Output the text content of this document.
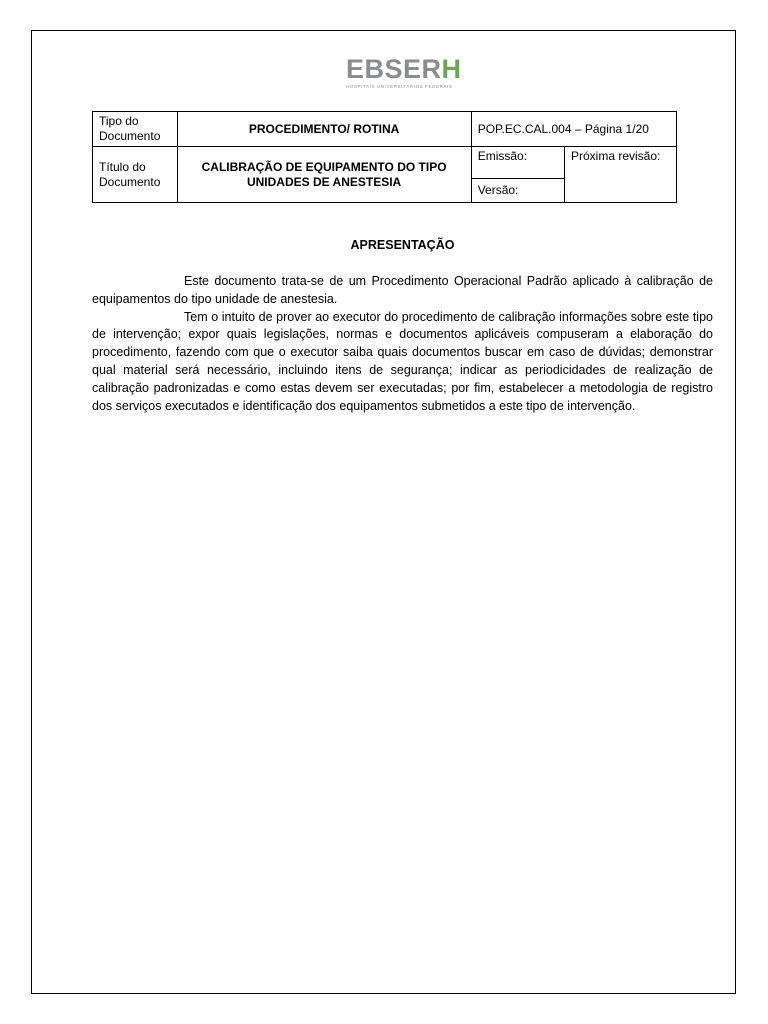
EBSERH
HOSPITAIS UNIVERSITÁRIOS FEDERAIS
Tipo do Documento	PROCEDIMENTO/ ROTINA	POP.EC.CAL.004 – Página 1/20	
Título do Documento	CALIBRAÇÃO DE EQUIPAMENTO DO TIPO UNIDADES DE ANESTESIA	Emissão:	Próxima revisão:
		Versão:	
APRESENTAÇÃO

Este documento trata-se de um Procedimento Operacional Padrão aplicado à calibração de equipamentos do tipo unidade de anestesia.

Tem o intuito de prover ao executor do procedimento de calibração informações sobre este tipo de intervenção; expor quais legislações, normas e documentos aplicáveis compuseram a elaboração do procedimento, fazendo com que o executor saiba quais documentos buscar em caso de dúvidas; demonstrar qual material será necessário, incluindo itens de segurança; indicar as periodicidades de realização de calibração padronizadas e como estas devem ser executadas; por fim, estabelecer a metodologia de registro dos serviços executados e identificação dos equipamentos submetidos a este tipo de intervenção.
